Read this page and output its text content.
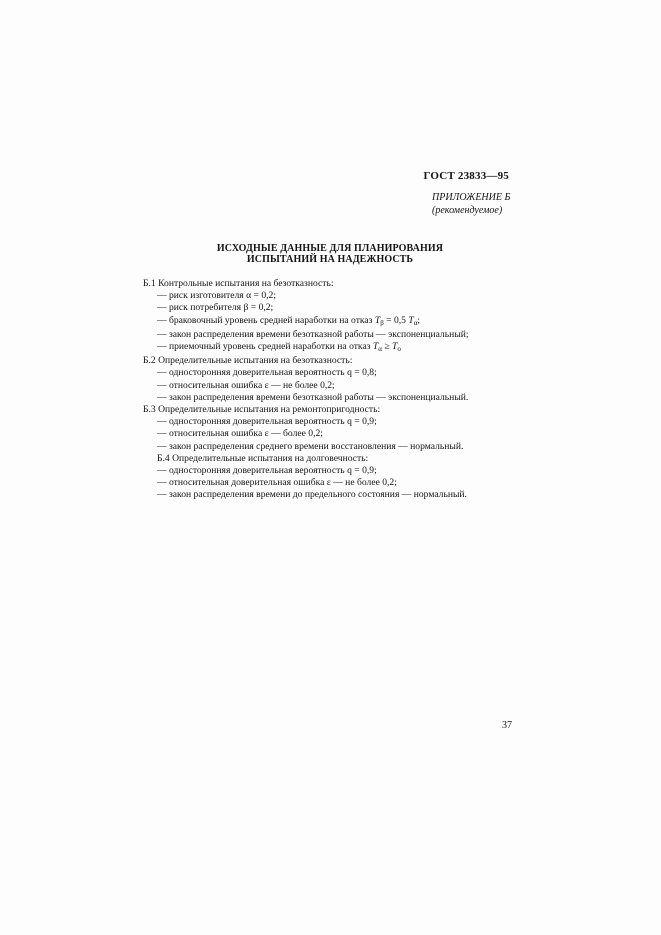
ГОСТ 23833—95
ПРИЛОЖЕНИЕ Б
(рекомендуемое)
ИСХОДНЫЕ ДАННЫЕ ДЛЯ ПЛАНИРОВАНИЯ
ИСПЫТАНИЙ НА НАДЕЖНОСТЬ
Б.1 Контрольные испытания на безотказность:
— риск изготовителя α = 0,2;
— риск потребителя β = 0,2;
— браковочный уровень средней наработки на отказ $T_\beta = 0,5$ $T_\alpha$;
— закон распределения времени безотказной работы — экспоненциальный;
— приемочный уровень средней наработки на отказ $T_\alpha \ge T_o$
Б.2 Определительные испытания на безотказность:
— односторонняя доверительная вероятность q = 0,8;
— относительная ошибка ε — не более 0,2;
— закон распределения времени безотказной работы — экспоненциальный.
Б.3 Определительные испытания на ремонтопригодность:
— односторонняя доверительная вероятность q = 0,9;
— относительная ошибка ε — более 0,2;
— закон распределения среднего времени восстановления — нормальный.
Б.4 Определительные испытания на долговечность:
— односторонняя доверительная вероятность q = 0,9;
— относительная доверительная ошибка ε — не более 0,2;
— закон распределения времени до предельного состояния — нормальный.
37
